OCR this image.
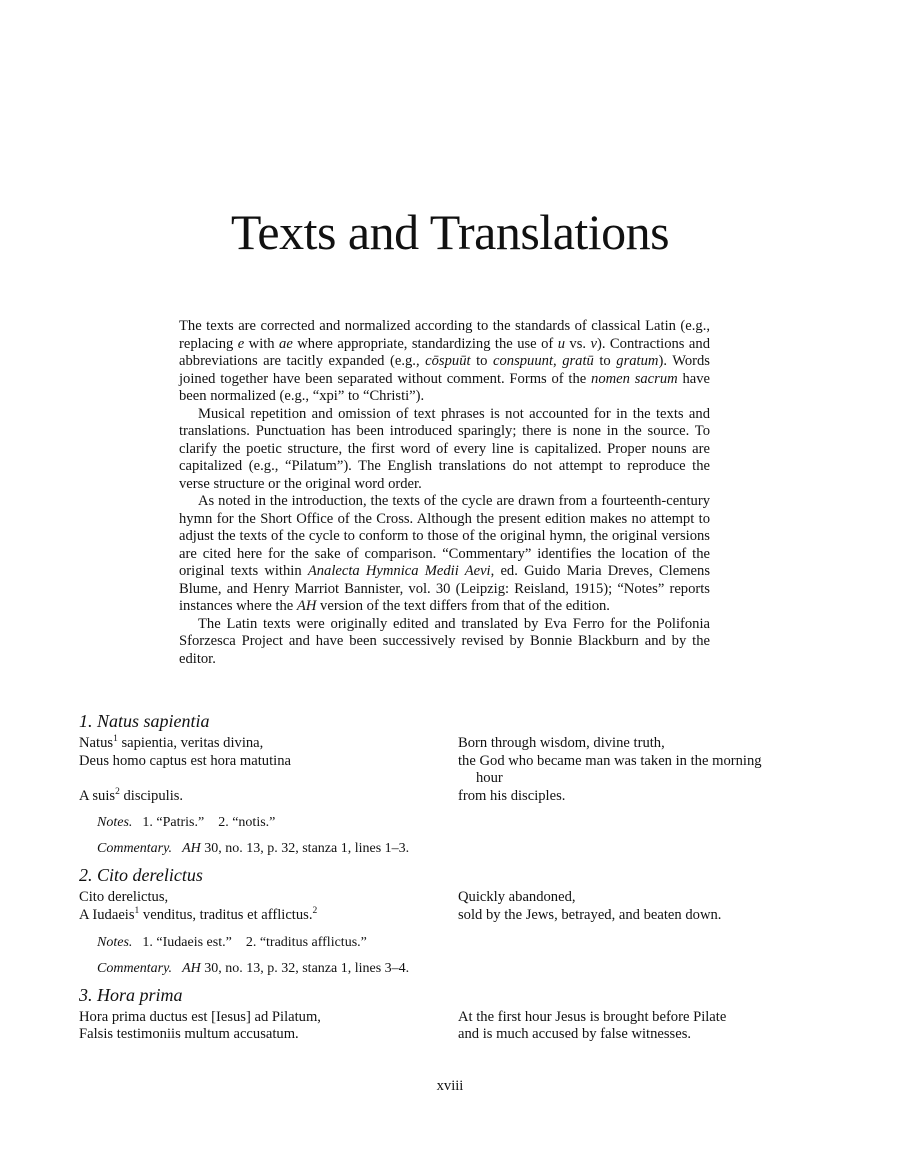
Texts and Translations

The texts are corrected and normalized according to the standards of classical Latin (e.g., replacing e with ae where appropriate, standardizing the use of u vs. v). Contractions and abbreviations are tacitly expanded (e.g., cōspuūt to conspuunt, gratū to gratum). Words joined together have been separated without comment. Forms of the nomen sacrum have been normalized (e.g., “xpi” to “Christi”).

Musical repetition and omission of text phrases is not accounted for in the texts and translations. Punctuation has been introduced sparingly; there is none in the source. To clarify the poetic structure, the first word of every line is capitalized. Proper nouns are capitalized (e.g., “Pilatum”). The English translations do not attempt to reproduce the verse structure or the original word order.

As noted in the introduction, the texts of the cycle are drawn from a fourteenth-century hymn for the Short Office of the Cross. Although the present edition makes no attempt to adjust the texts of the cycle to conform to those of the original hymn, the original versions are cited here for the sake of comparison. “Commentary” identifies the location of the original texts within Analecta Hymnica Medii Aevi, ed. Guido Maria Dreves, Clemens Blume, and Henry Marriot Bannister, vol. 30 (Leipzig: Reisland, 1915); “Notes” reports instances where the AH version of the text differs from that of the edition.

The Latin texts were originally edited and translated by Eva Ferro for the Polifonia Sforzesca Project and have been successively revised by Bonnie Blackburn and by the editor.

1. Natus sapientia
Natus$^1$ sapientia, veritas divina,	Born through wisdom, divine truth,
Deus homo captus est hora matutina	the God who became man was taken in the morning
hour
A suis$^2$ discipulis.	from his disciples.
Notes. 1. “Patris.” 2. “notis.”
Commentary. AH 30, no. 13, p. 32, stanza 1, lines 1–3.
2. Cito derelictus
Cito derelictus,	Quickly abandoned,
A Iudaeis$^1$ venditus, traditus et afflictus.$^2$	sold by the Jews, betrayed, and beaten down.
Notes. 1. “Iudaeis est.” 2. “traditus afflictus.”
Commentary. AH 30, no. 13, p. 32, stanza 1, lines 3–4.
3. Hora prima
Hora prima ductus est [Iesus] ad Pilatum,	At the first hour Jesus is brought before Pilate
Falsis testimoniis multum accusatum.	and is much accused by false witnesses.
xviii
